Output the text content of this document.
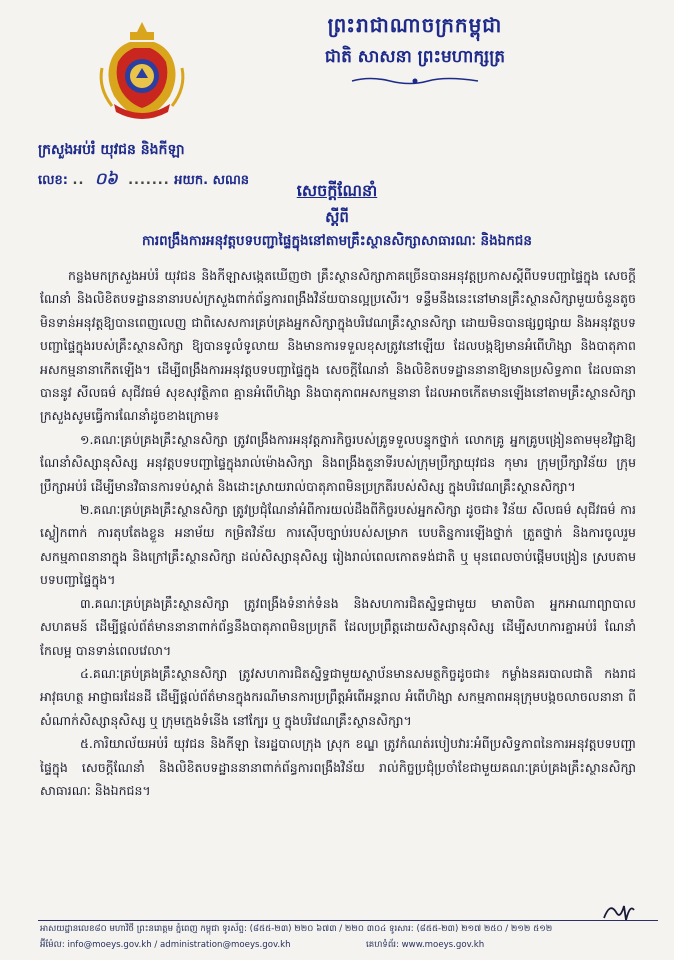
ព្រះរាជាណាចក្រកម្ពុជា
ជាតិ សាសនា ព្រះមហាក្សត្រ
ក្រសួងអប់រំ យុវជន និងកីឡា
លេខ: .. ០៦ ....... អយក. សណន
សេចក្ដីណែនាំ
ស្ដីពី
ការពង្រឹងការអនុវត្តបទបញ្ជាផ្ទៃក្នុងនៅតាមគ្រឹះស្ថានសិក្សាសាធារណៈ និងឯកជន

កន្លងមកក្រសួងអប់រំ យុវជន និងកីឡាសង្កេតឃើញថា គ្រឹះស្ថានសិក្សាភាគច្រើនបានអនុវត្តប្រកាសស្ដីពីបទបញ្ជាផ្ទៃក្នុង សេចក្ដីណែនាំ និងលិខិតបទដ្ឋាននានារបស់ក្រសួងពាក់ព័ន្ធការពង្រឹងវិន័យបានល្អប្រសើរ។ ទន្ទឹមនឹងនេះនៅមានគ្រឹះស្ថានសិក្សាមួយចំនួនតូចមិនទាន់អនុវត្តឱ្យបានពេញលេញ ជាពិសេសការគ្រប់គ្រងអ្នកសិក្សាក្នុងបរិវេណគ្រឹះស្ថានសិក្សា ដោយមិនបានផ្សព្វផ្សាយ និងអនុវត្តបទបញ្ជាផ្ទៃក្នុងរបស់គ្រឹះស្ថានសិក្សា ឱ្យបានទូលំទូលាយ និងមានការទទួលខុសត្រូវនៅឡើយ ដែលបង្កឱ្យមានអំពើហិង្សា និងបាតុភាពអសកម្មនានាកើតឡើង។ ដើម្បីពង្រឹងការអនុវត្តបទបញ្ជាផ្ទៃក្នុង សេចក្ដីណែនាំ និងលិខិតបទដ្ឋាននានាឱ្យមានប្រសិទ្ធភាព ដែលធានាបាននូវ សីលធម៌ សុជីវធម៌ សុខសុវត្ថិភាព គ្មានអំពើហិង្សា និងបាតុភាពអសកម្មនានា ដែលអាចកើតមានឡើងនៅតាមគ្រឹះស្ថានសិក្សា ក្រសួងសូមធ្វើការណែនាំដូចខាងក្រោម៖

១.គណៈគ្រប់គ្រងគ្រឹះស្ថានសិក្សា ត្រូវពង្រឹងការអនុវត្តភារកិច្ចរបស់គ្រូទទួលបន្ទុកថ្នាក់ លោកគ្រូ អ្នកគ្រូបង្រៀនតាមមុខវិជ្ជាឱ្យណែនាំសិស្សានុសិស្ស អនុវត្តបទបញ្ជាផ្ទៃក្នុងរាល់ម៉ោងសិក្សា និងពង្រឹងតួនាទីរបស់ក្រុមប្រឹក្សាយុវជន កុមារ ក្រុមប្រឹក្សាវិន័យ ក្រុមប្រឹក្សាអប់រំ ដើម្បីមានវិធានការទប់ស្កាត់ និងដោះស្រាយរាល់បាតុភាពមិនប្រក្រតីរបស់សិស្ស ក្នុងបរិវេណគ្រឹះស្ថានសិក្សា។

២.គណៈគ្រប់គ្រងគ្រឹះស្ថានសិក្សា ត្រូវប្រជុំណែនាំអំពីការយល់ដឹងពីកិច្ចរបស់អ្នកសិក្សា ដូចជា៖ វិន័យ សីលធម៌ សុជីវធម៌ ការស្លៀកពាក់ ការតុបតែងខ្លួន អនាម័យ កម្រិតវិន័យ ការស៊ើបច្បាប់របស់សម្រាក បេបតិន្នការឡើងថ្នាក់ ត្រួតថ្នាក់ និងការចូលរួមសកម្មភាពនានាក្នុង និងក្រៅគ្រឹះស្ថានសិក្សា ដល់សិស្សានុសិស្ស រៀងរាល់ពេលកោតទង់ជាតិ ឬ មុនពេលចាប់ផ្ដើមបង្រៀន ស្របតាមបទបញ្ជាផ្ទៃក្នុង។

៣.គណៈគ្រប់គ្រងគ្រឹះស្ថានសិក្សា ត្រូវពង្រឹងទំនាក់ទំនង និងសហការជិតស្និទ្ធជាមួយ មាតាបិតា អ្នកអាណាព្យាបាល សហគមន៍ ដើម្បីផ្ដល់ព័ត៌មាននានាពាក់ព័ន្ធនឹងបាតុភាពមិនប្រក្រតី ដែលប្រព្រឹត្តដោយសិស្សានុសិស្ស ដើម្បីសហការគ្នាអប់រំ ណែនាំ កែលម្អ បានទាន់ពេលវេលា។

៤.គណៈគ្រប់គ្រងគ្រឹះស្ថានសិក្សា ត្រូវសហការជិតស្និទ្ធជាមួយស្ថាប័នមានសមត្ថកិច្ចដូចជា៖ កម្លាំងនគរបាលជាតិ កងរាជអាវុធហត្ថ អាជ្ញាធរដែនដី ដើម្បីផ្ដល់ព័ត៌មានក្នុងករណីមានការប្រព្រឹត្តអំពើអន្តរាល អំពើហិង្សា សកម្មភាពអនុក្រុមបង្កចលាចលនានា ពីសំណាក់សិស្សានុសិស្ស ឬ ក្រុមក្មេងទំនើង នៅក្បែរ ឬ ក្នុងបរិវេណគ្រឹះស្ថានសិក្សា។

៥.ការិយាល័យអប់រំ យុវជន និងកីឡា នៃរដ្ឋបាលក្រុង ស្រុក ខណ្ឌ ត្រូវកំណត់របៀបវារៈអំពីប្រសិទ្ធភាពនៃការអនុវត្តបទបញ្ជាផ្ទៃក្នុង សេចក្ដីណែនាំ និងលិខិតបទដ្ឋាននានាពាក់ព័ន្ធការពង្រឹងវិន័យ រាល់កិច្ចប្រជុំប្រចាំខែជាមួយគណៈគ្រប់គ្រងគ្រឹះស្ថានសិក្សាសាធារណៈ និងឯកជន។

អាសយដ្ឋានលេខ៨០ មហាវិថី ព្រះនរោត្តម ភ្នំពេញ កម្ពុជា ទូរស័ព្ទ: (៨៥៥-២៣) ២២០ ៦៧៣ / ២២០ ៣០៤ ទូរសារ: (៨៥៥-២៣) ២១៧ ២៥០ / ២១២ ៥១២
អ៊ីម៉ែល: info@moeys.gov.kh / administration@moeys.gov.kh	គេហទំព័រ: www.moeys.gov.kh
